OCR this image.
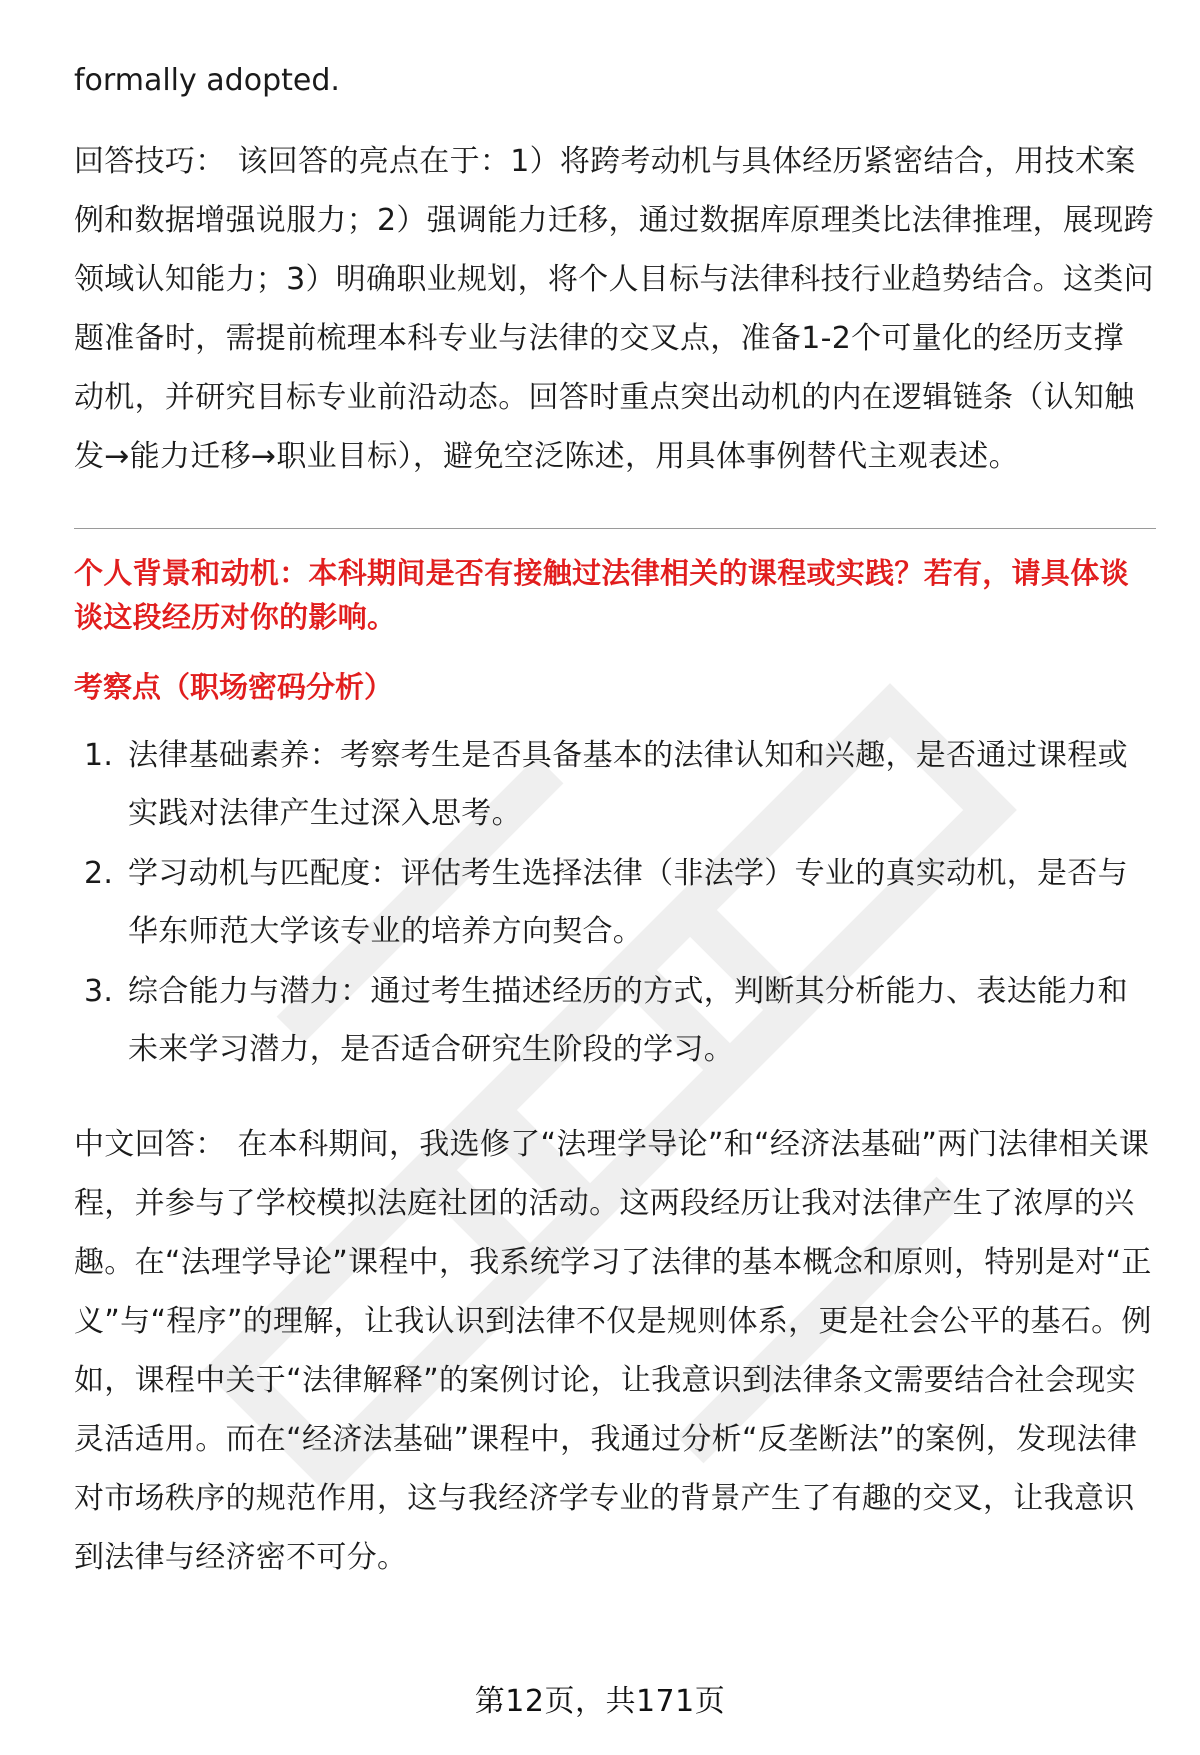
formally adopted.

回答技巧： 该回答的亮点在于：1）将跨考动机与具体经历紧密结合，用技术案例和数据增强说服力；2）强调能力迁移，通过数据库原理类比法律推理，展现跨领域认知能力；3）明确职业规划，将个人目标与法律科技行业趋势结合。这类问题准备时，需提前梳理本科专业与法律的交叉点，准备1-2个可量化的经历支撑动机，并研究目标专业前沿动态。回答时重点突出动机的内在逻辑链条（认知触发→能力迁移→职业目标），避免空泛陈述，用具体事例替代主观表述。

个人背景和动机：本科期间是否有接触过法律相关的课程或实践？若有，请具体谈谈这段经历对你的影响。

考察点（职场密码分析）

1. 法律基础素养：考察考生是否具备基本的法律认知和兴趣，是否通过课程或实践对法律产生过深入思考。
2. 学习动机与匹配度：评估考生选择法律（非法学）专业的真实动机，是否与华东师范大学该专业的培养方向契合。
3. 综合能力与潜力：通过考生描述经历的方式，判断其分析能力、表达能力和未来学习潜力，是否适合研究生阶段的学习。

中文回答： 在本科期间，我选修了“法理学导论”和“经济法基础”两门法律相关课程，并参与了学校模拟法庭社团的活动。这两段经历让我对法律产生了浓厚的兴趣。在“法理学导论”课程中，我系统学习了法律的基本概念和原则，特别是对“正义”与“程序”的理解，让我认识到法律不仅是规则体系，更是社会公平的基石。例如，课程中关于“法律解释”的案例讨论，让我意识到法律条文需要结合社会现实灵活适用。而在“经济法基础”课程中，我通过分析“反垄断法”的案例，发现法律对市场秩序的规范作用，这与我经济学专业的背景产生了有趣的交叉，让我意识到法律与经济密不可分。

第12页，共171页
